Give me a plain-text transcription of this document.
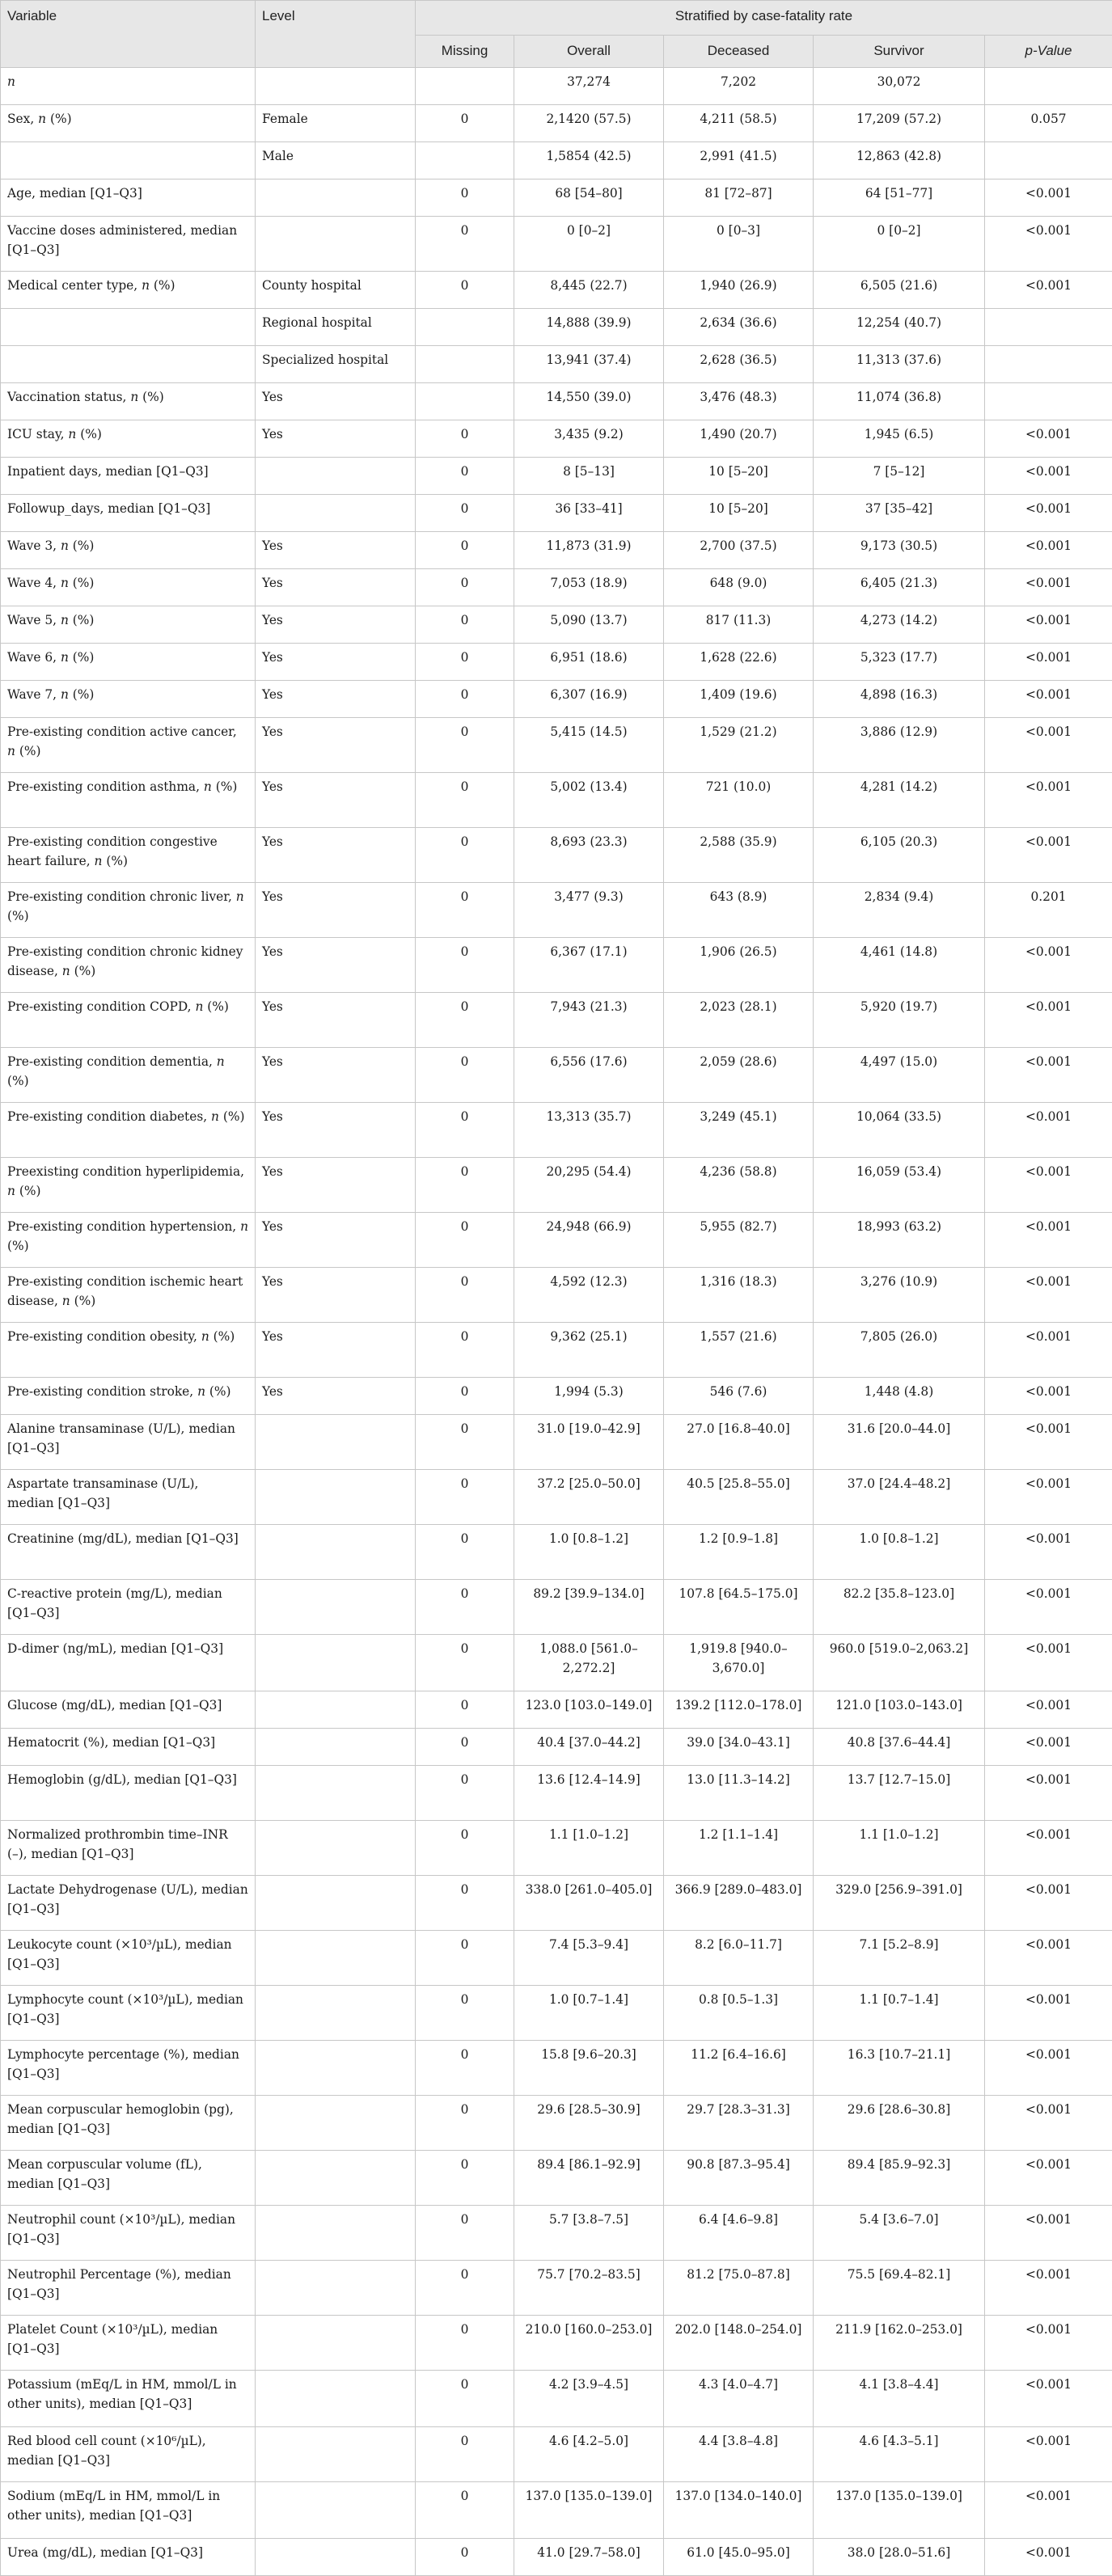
Variable	Level	Stratified by case-fatality rate				
		Missing	Overall	Deceased	Survivor	p-Value
n			37,274	7,202	30,072	
Sex, n (%)	Female	0	2,1420 (57.5)	4,211 (58.5)	17,209 (57.2)	0.057
	Male		1,5854 (42.5)	2,991 (41.5)	12,863 (42.8)	
Age, median [Q1–Q3]		0	68 [54–80]	81 [72–87]	64 [51–77]	<0.001
Vaccine doses administered, median [Q1–Q3]		0	0 [0–2]	0 [0–3]	0 [0–2]	<0.001
Medical center type, n (%)	County hospital	0	8,445 (22.7)	1,940 (26.9)	6,505 (21.6)	<0.001
	Regional hospital		14,888 (39.9)	2,634 (36.6)	12,254 (40.7)	
	Specialized hospital		13,941 (37.4)	2,628 (36.5)	11,313 (37.6)	
Vaccination status, n (%)	Yes		14,550 (39.0)	3,476 (48.3)	11,074 (36.8)	
ICU stay, n (%)	Yes	0	3,435 (9.2)	1,490 (20.7)	1,945 (6.5)	<0.001
Inpatient days, median [Q1–Q3]		0	8 [5–13]	10 [5–20]	7 [5–12]	<0.001
Followup_days, median [Q1–Q3]		0	36 [33–41]	10 [5–20]	37 [35–42]	<0.001
Wave 3, n (%)	Yes	0	11,873 (31.9)	2,700 (37.5)	9,173 (30.5)	<0.001
Wave 4, n (%)	Yes	0	7,053 (18.9)	648 (9.0)	6,405 (21.3)	<0.001
Wave 5, n (%)	Yes	0	5,090 (13.7)	817 (11.3)	4,273 (14.2)	<0.001
Wave 6, n (%)	Yes	0	6,951 (18.6)	1,628 (22.6)	5,323 (17.7)	<0.001
Wave 7, n (%)	Yes	0	6,307 (16.9)	1,409 (19.6)	4,898 (16.3)	<0.001
Pre-existing condition active cancer, n (%)	Yes	0	5,415 (14.5)	1,529 (21.2)	3,886 (12.9)	<0.001
Pre-existing condition asthma, n (%)	Yes	0	5,002 (13.4)	721 (10.0)	4,281 (14.2)	<0.001
Pre-existing condition congestive heart failure, n (%)	Yes	0	8,693 (23.3)	2,588 (35.9)	6,105 (20.3)	<0.001
Pre-existing condition chronic liver, n (%)	Yes	0	3,477 (9.3)	643 (8.9)	2,834 (9.4)	0.201
Pre-existing condition chronic kidney disease, n (%)	Yes	0	6,367 (17.1)	1,906 (26.5)	4,461 (14.8)	<0.001
Pre-existing condition COPD, n (%)	Yes	0	7,943 (21.3)	2,023 (28.1)	5,920 (19.7)	<0.001
Pre-existing condition dementia, n (%)	Yes	0	6,556 (17.6)	2,059 (28.6)	4,497 (15.0)	<0.001
Pre-existing condition diabetes, n (%)	Yes	0	13,313 (35.7)	3,249 (45.1)	10,064 (33.5)	<0.001
Preexisting condition hyperlipidemia, n (%)	Yes	0	20,295 (54.4)	4,236 (58.8)	16,059 (53.4)	<0.001
Pre-existing condition hypertension, n (%)	Yes	0	24,948 (66.9)	5,955 (82.7)	18,993 (63.2)	<0.001
Pre-existing condition ischemic heart disease, n (%)	Yes	0	4,592 (12.3)	1,316 (18.3)	3,276 (10.9)	<0.001
Pre-existing condition obesity, n (%)	Yes	0	9,362 (25.1)	1,557 (21.6)	7,805 (26.0)	<0.001
Pre-existing condition stroke, n (%)	Yes	0	1,994 (5.3)	546 (7.6)	1,448 (4.8)	<0.001
Alanine transaminase (U/L), median [Q1–Q3]		0	31.0 [19.0–42.9]	27.0 [16.8–40.0]	31.6 [20.0–44.0]	<0.001
Aspartate transaminase (U/L), median [Q1–Q3]		0	37.2 [25.0–50.0]	40.5 [25.8–55.0]	37.0 [24.4–48.2]	<0.001
Creatinine (mg/dL), median [Q1–Q3]		0	1.0 [0.8–1.2]	1.2 [0.9–1.8]	1.0 [0.8–1.2]	<0.001
C-reactive protein (mg/L), median [Q1–Q3]		0	89.2 [39.9–134.0]	107.8 [64.5–175.0]	82.2 [35.8–123.0]	<0.001
D-dimer (ng/mL), median [Q1–Q3]		0	1,088.0 [561.0–2,272.2]	1,919.8 [940.0–3,670.0]	960.0 [519.0–2,063.2]	<0.001
Glucose (mg/dL), median [Q1–Q3]		0	123.0 [103.0–149.0]	139.2 [112.0–178.0]	121.0 [103.0–143.0]	<0.001
Hematocrit (%), median [Q1–Q3]		0	40.4 [37.0–44.2]	39.0 [34.0–43.1]	40.8 [37.6–44.4]	<0.001
Hemoglobin (g/dL), median [Q1–Q3]		0	13.6 [12.4–14.9]	13.0 [11.3–14.2]	13.7 [12.7–15.0]	<0.001
Normalized prothrombin time–INR (–), median [Q1–Q3]		0	1.1 [1.0–1.2]	1.2 [1.1–1.4]	1.1 [1.0–1.2]	<0.001
Lactate Dehydrogenase (U/L), median [Q1–Q3]		0	338.0 [261.0–405.0]	366.9 [289.0–483.0]	329.0 [256.9–391.0]	<0.001
Leukocyte count (×10³/µL), median [Q1–Q3]		0	7.4 [5.3–9.4]	8.2 [6.0–11.7]	7.1 [5.2–8.9]	<0.001
Lymphocyte count (×10³/µL), median [Q1–Q3]		0	1.0 [0.7–1.4]	0.8 [0.5–1.3]	1.1 [0.7–1.4]	<0.001
Lymphocyte percentage (%), median [Q1–Q3]		0	15.8 [9.6–20.3]	11.2 [6.4–16.6]	16.3 [10.7–21.1]	<0.001
Mean corpuscular hemoglobin (pg), median [Q1–Q3]		0	29.6 [28.5–30.9]	29.7 [28.3–31.3]	29.6 [28.6–30.8]	<0.001
Mean corpuscular volume (fL), median [Q1–Q3]		0	89.4 [86.1–92.9]	90.8 [87.3–95.4]	89.4 [85.9–92.3]	<0.001
Neutrophil count (×10³/µL), median [Q1–Q3]		0	5.7 [3.8–7.5]	6.4 [4.6–9.8]	5.4 [3.6–7.0]	<0.001
Neutrophil Percentage (%), median [Q1–Q3]		0	75.7 [70.2–83.5]	81.2 [75.0–87.8]	75.5 [69.4–82.1]	<0.001
Platelet Count (×10³/µL), median [Q1–Q3]		0	210.0 [160.0–253.0]	202.0 [148.0–254.0]	211.9 [162.0–253.0]	<0.001
Potassium (mEq/L in HM, mmol/L in other units), median [Q1–Q3]		0	4.2 [3.9–4.5]	4.3 [4.0–4.7]	4.1 [3.8–4.4]	<0.001
Red blood cell count (×10⁶/µL), median [Q1–Q3]		0	4.6 [4.2–5.0]	4.4 [3.8–4.8]	4.6 [4.3–5.1]	<0.001
Sodium (mEq/L in HM, mmol/L in other units), median [Q1–Q3]		0	137.0 [135.0–139.0]	137.0 [134.0–140.0]	137.0 [135.0–139.0]	<0.001
Urea (mg/dL), median [Q1–Q3]		0	41.0 [29.7–58.0]	61.0 [45.0–95.0]	38.0 [28.0–51.6]	<0.001
